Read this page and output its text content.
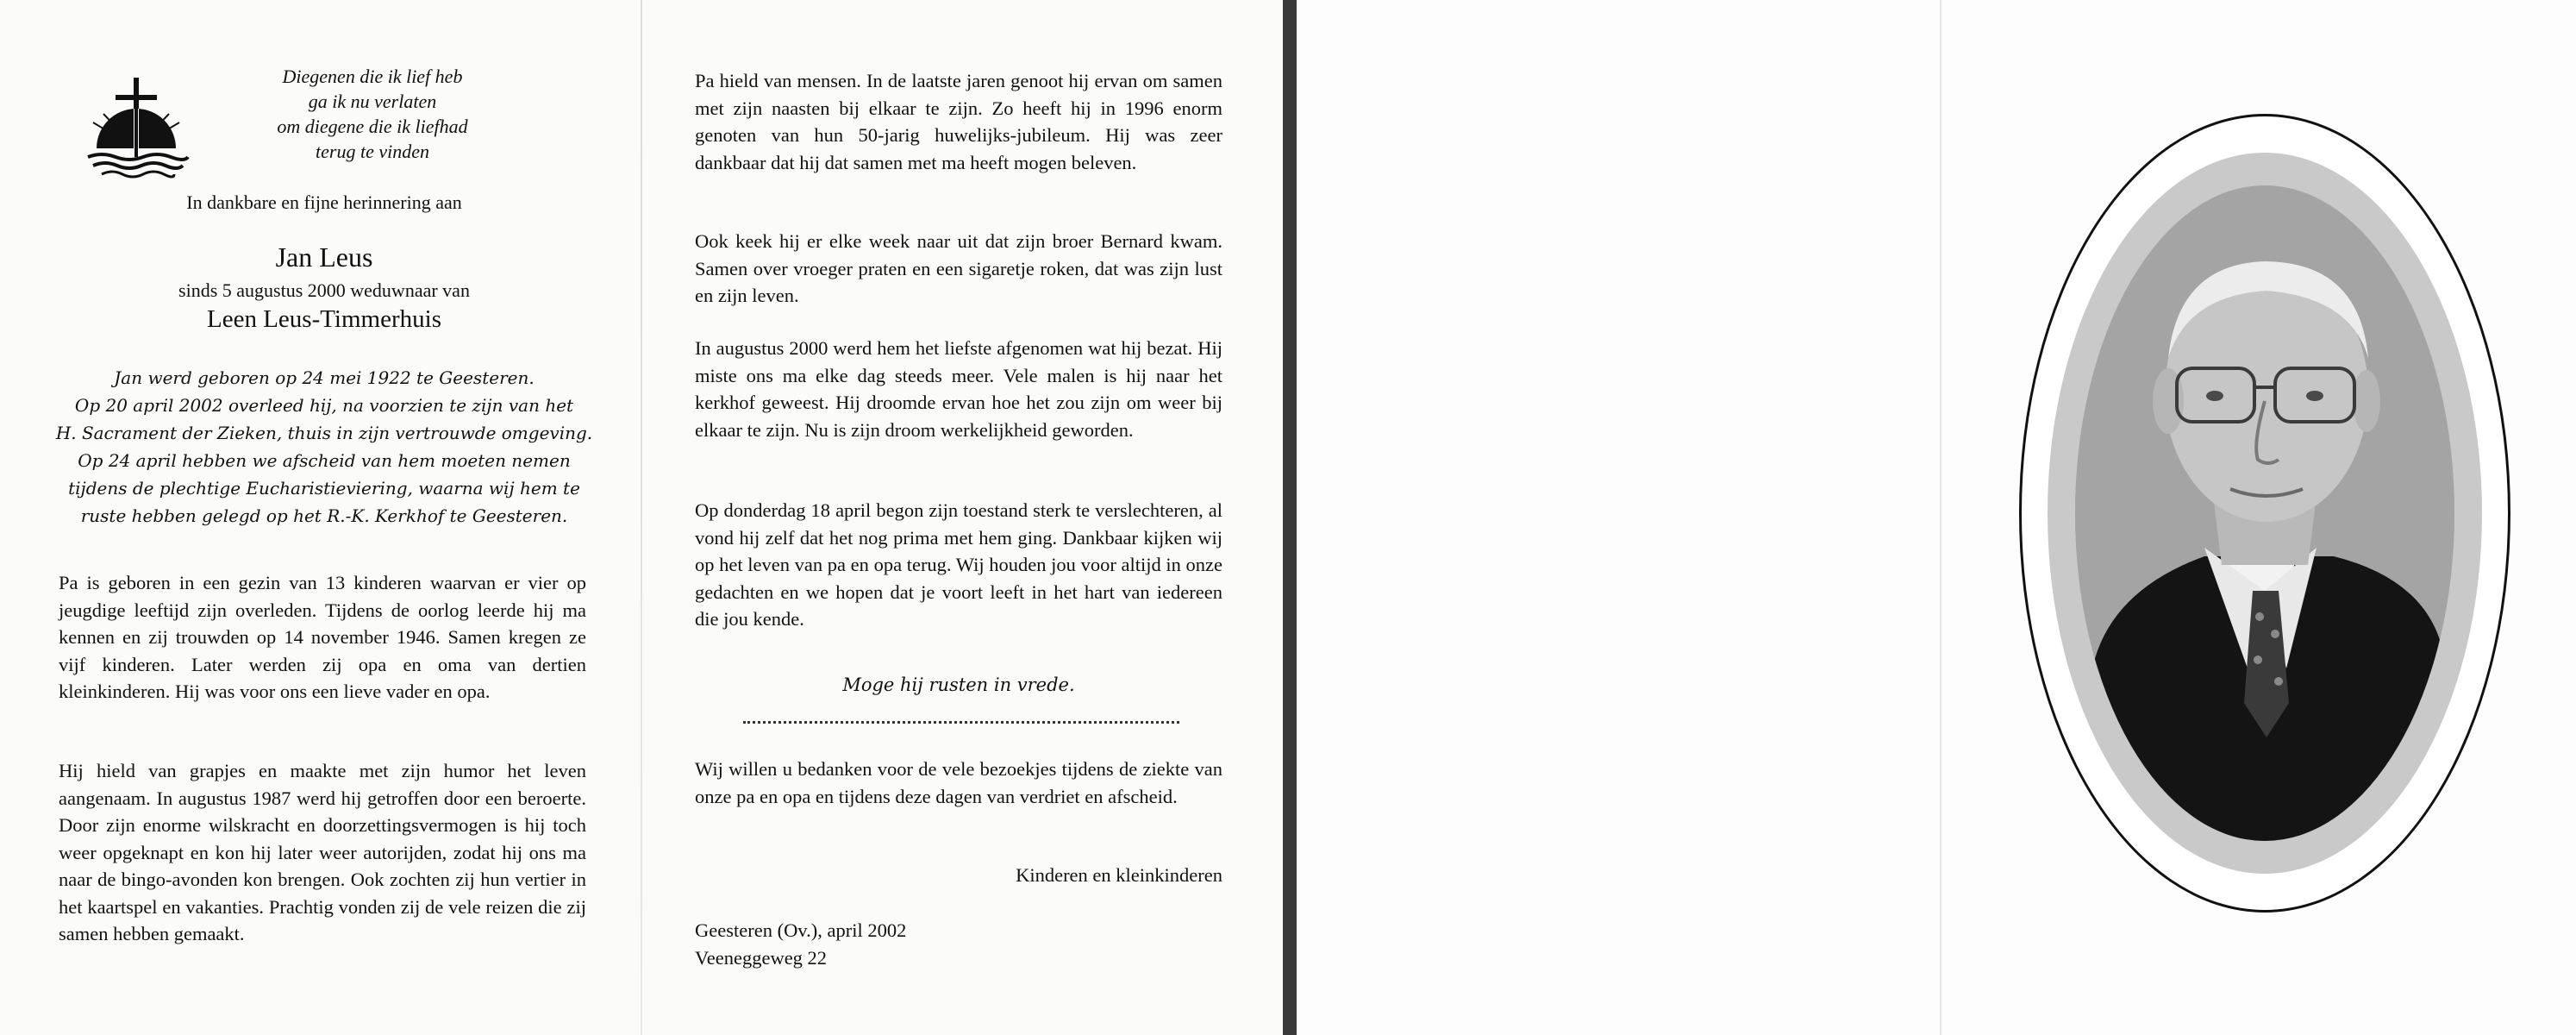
Diegenen die ik lief heb

ga ik nu verlaten

om diegene die ik liefhad

terug te vinden

In dankbare en fijne herinnering aan

Jan Leus

sinds 5 augustus 2000 weduwnaar van

Leen Leus-Timmerhuis

Jan werd geboren op 24 mei 1922 te Geesteren.

Op 20 april 2002 overleed hij, na voorzien te zijn van het

H. Sacrament der Zieken, thuis in zijn vertrouwde omgeving.

Op 24 april hebben we afscheid van hem moeten nemen

tijdens de plechtige Eucharistieviering, waarna wij hem te

ruste hebben gelegd op het R.-K. Kerkhof te Geesteren.

Pa is geboren in een gezin van 13 kinderen waarvan er vier op jeugdige leeftijd zijn overleden. Tijdens de oorlog leerde hij ma kennen en zij trouwden op 14 november 1946. Samen kregen ze vijf kinderen. Later werden zij opa en oma van dertien kleinkinderen. Hij was voor ons een lieve vader en opa.

Hij hield van grapjes en maakte met zijn humor het leven aangenaam. In augustus 1987 werd hij getroffen door een beroerte. Door zijn enorme wilskracht en doorzettingsvermogen is hij toch weer opgeknapt en kon hij later weer autorijden, zodat hij ons ma naar de bingo-avonden kon brengen. Ook zochten zij hun vertier in het kaartspel en vakanties. Prachtig vonden zij de vele reizen die zij samen hebben gemaakt.

Pa hield van mensen. In de laatste jaren genoot hij ervan om samen met zijn naasten bij elkaar te zijn. Zo heeft hij in 1996 enorm genoten van hun 50-jarig huwelijks-jubileum. Hij was zeer dankbaar dat hij dat samen met ma heeft mogen beleven.

Ook keek hij er elke week naar uit dat zijn broer Bernard kwam. Samen over vroeger praten en een sigaretje roken, dat was zijn lust en zijn leven.

In augustus 2000 werd hem het liefste afgenomen wat hij bezat. Hij miste ons ma elke dag steeds meer. Vele malen is hij naar het kerkhof geweest. Hij droomde ervan hoe het zou zijn om weer bij elkaar te zijn. Nu is zijn droom werkelijkheid geworden.

Op donderdag 18 april begon zijn toestand sterk te verslechteren, al vond hij zelf dat het nog prima met hem ging. Dankbaar kijken wij op het leven van pa en opa terug. Wij houden jou voor altijd in onze gedachten en we hopen dat je voort leeft in het hart van iedereen die jou kende.

Moge hij rusten in vrede.

Wij willen u bedanken voor de vele bezoekjes tijdens de ziekte van onze pa en opa en tijdens deze dagen van verdriet en afscheid.

Kinderen en kleinkinderen

Geesteren (Ov.), april 2002

Veeneggeweg 22
